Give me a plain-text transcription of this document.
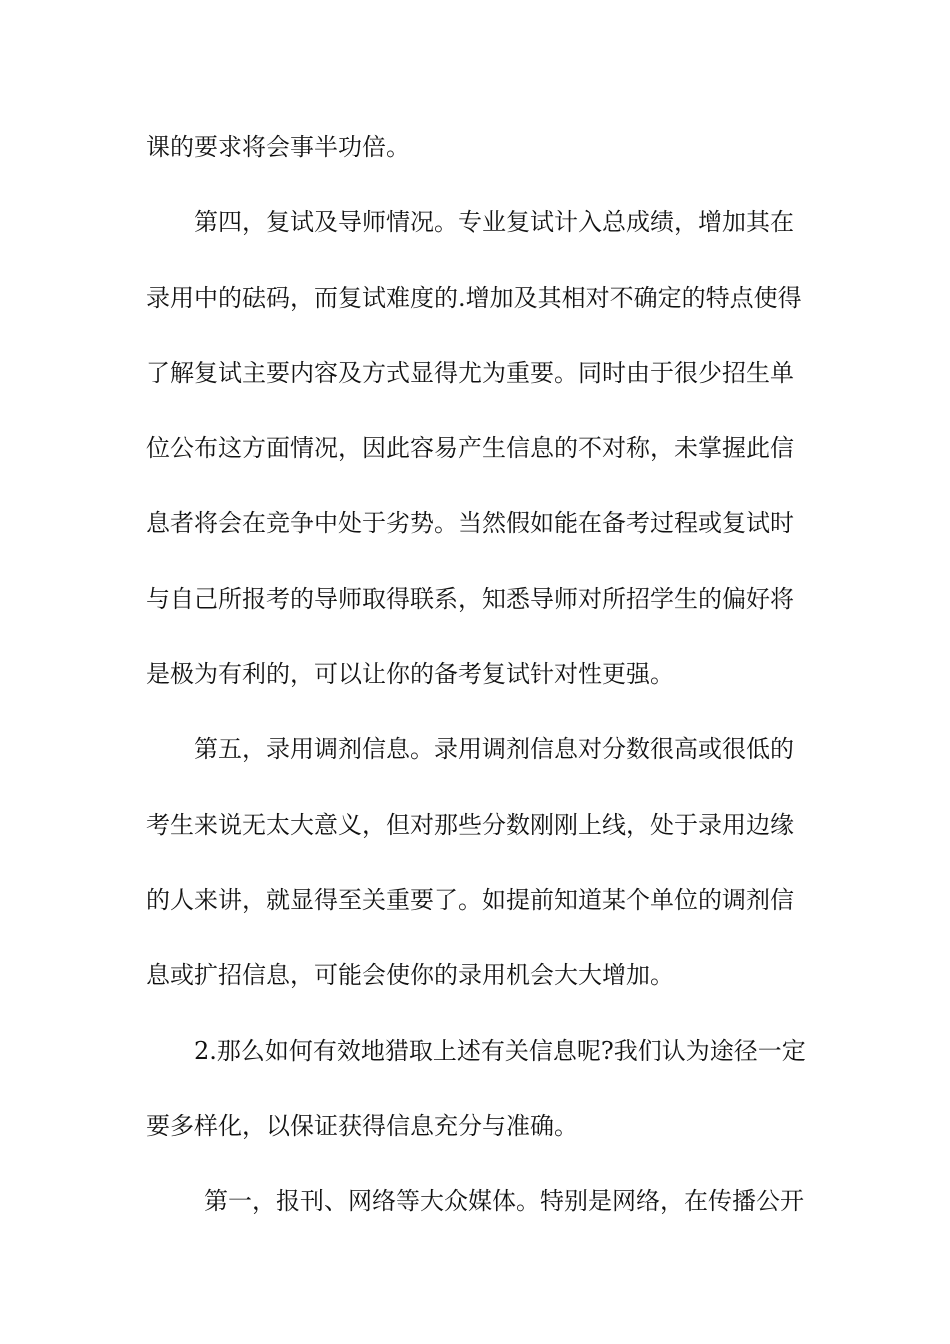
课的要求将会事半功倍。
第四，复试及导师情况。专业复试计入总成绩，增加其在
录用中的砝码，而复试难度的.增加及其相对不确定的特点使得
了解复试主要内容及方式显得尤为重要。同时由于很少招生单
位公布这方面情况，因此容易产生信息的不对称，未掌握此信
息者将会在竞争中处于劣势。当然假如能在备考过程或复试时
与自己所报考的导师取得联系，知悉导师对所招学生的偏好将
是极为有利的，可以让你的备考复试针对性更强。
第五，录用调剂信息。录用调剂信息对分数很高或很低的
考生来说无太大意义，但对那些分数刚刚上线，处于录用边缘
的人来讲，就显得至关重要了。如提前知道某个单位的调剂信
息或扩招信息，可能会使你的录用机会大大增加。
2.那么如何有效地猎取上述有关信息呢?我们认为途径一定
要多样化，以保证获得信息充分与准确。
第一，报刊、网络等大众媒体。特别是网络，在传播公开
